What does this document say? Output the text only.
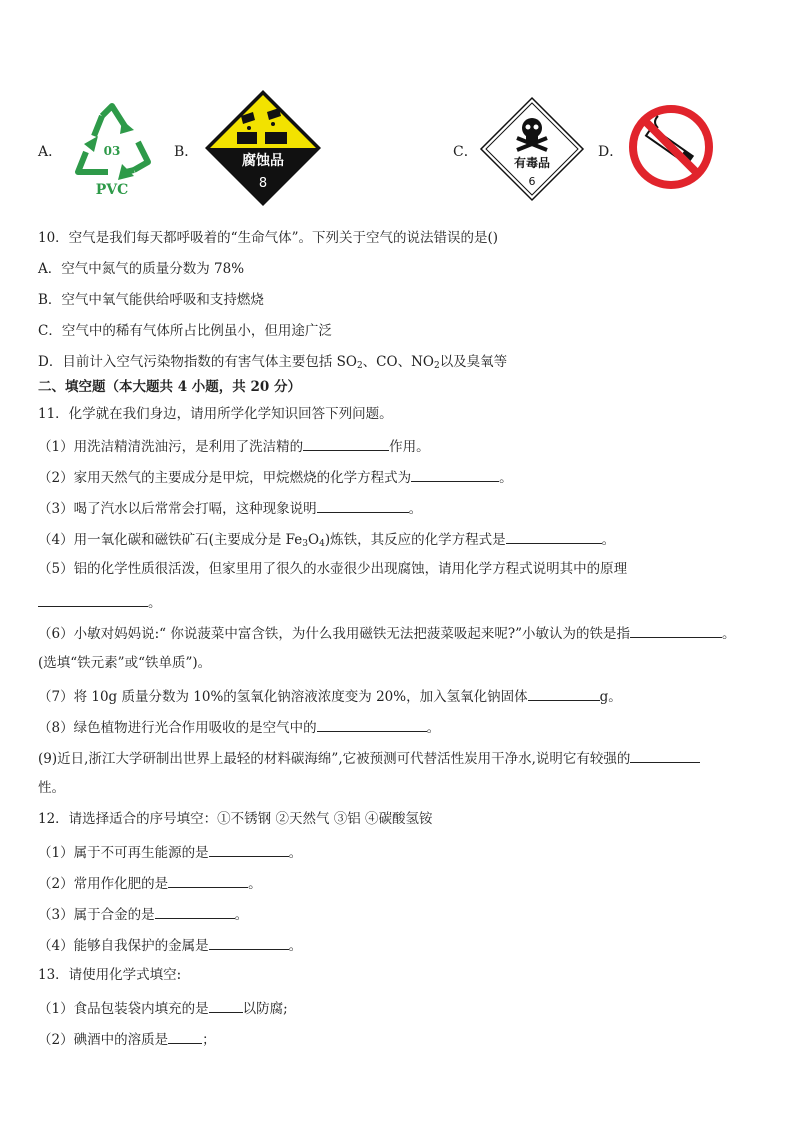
A．	03
PVC
B．
腐蚀品
8
C．
有毒品
6
D．
10．空气是我们每天都呼吸着的“生命气体”。下列关于空气的说法错误的是()
A．空气中氮气的质量分数为 78%
B．空气中氧气能供给呼吸和支持燃烧
C．空气中的稀有气体所占比例虽小，但用途广泛
D．目前计入空气污染物指数的有害气体主要包括 $SO_2$、CO、$NO_2$以及臭氧等
二、填空题（本大题共 4 小题，共 20 分）
11．化学就在我们身边，请用所学化学知识回答下列问题。
（1）用洗洁精清洗油污，是利用了洗洁精的	作用。
（2）家用天然气的主要成分是甲烷，甲烷燃烧的化学方程式为	。
（3）喝了汽水以后常常会打嗝，这种现象说明	。
（4）用一氧化碳和磁铁矿石(主要成分是 $Fe_3O_4$)炼铁，其反应的化学方程式是	。
（5）铝的化学性质很活泼，但家里用了很久的水壶很少出现腐蚀，请用化学方程式说明其中的原理
。
（6）小敏对妈妈说:“ 你说菠菜中富含铁，为什么我用磁铁无法把菠菜吸起来呢?”小敏认为的铁是指	。
(选填“铁元素”或“铁单质”)。
（7）将 10g 质量分数为 10%的氢氧化钠溶液浓度变为 20%，加入氢氧化钠固体	g。
（8）绿色植物进行光合作用吸收的是空气中的	。
(9)近日,浙江大学研制出世界上最轻的材料碳海绵”,它被预测可代替活性炭用干净水,说明它有较强的
性。
12．请选择适合的序号填空：①不锈钢 ②天然气 ③铝 ④碳酸氢铵
（1）属于不可再生能源的是	。
（2）常用作化肥的是	。
（3）属于合金的是	。
（4）能够自我保护的金属是	。
13．请使用化学式填空:
（1）食品包装袋内填充的是	以防腐;
（2）碘酒中的溶质是	；
